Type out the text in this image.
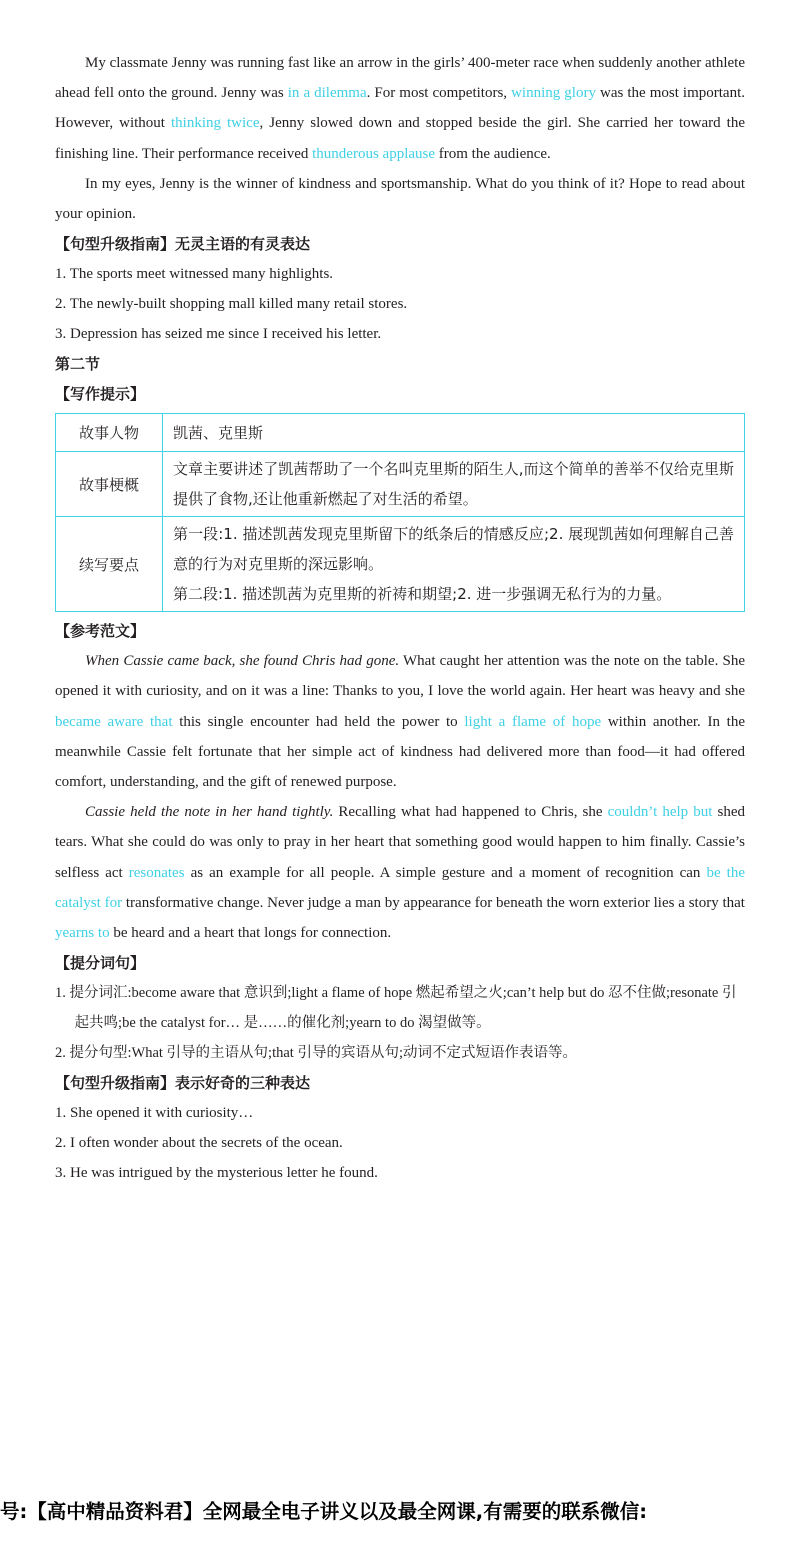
My classmate Jenny was running fast like an arrow in the girls’ 400-meter race when suddenly another athlete ahead fell onto the ground. Jenny was in a dilemma. For most competitors, winning glory was the most important. However, without thinking twice, Jenny slowed down and stopped beside the girl. She carried her toward the finishing line. Their performance received thunderous applause from the audience.

In my eyes, Jenny is the winner of kindness and sportsmanship. What do you think of it? Hope to read about your opinion.

【句型升级指南】无灵主语的有灵表达

1. The sports meet witnessed many highlights.

2. The newly-built shopping mall killed many retail stores.

3. Depression has seized me since I received his letter.

第二节

【写作提示】

故事人物	凯茜、克里斯
故事梗概	文章主要讲述了凯茜帮助了一个名叫克里斯的陌生人,而这个简单的善举不仅给克里斯提供了食物,还让他重新燃起了对生活的希望。
续写要点	第一段:1. 描述凯茜发现克里斯留下的纸条后的情感反应;2. 展现凯茜如何理解自己善意的行为对克里斯的深远影响。
第二段:1. 描述凯茜为克里斯的祈祷和期望;2. 进一步强调无私行为的力量。

【参考范文】

When Cassie came back, she found Chris had gone. What caught her attention was the note on the table. She opened it with curiosity, and on it was a line: Thanks to you, I love the world again. Her heart was heavy and she became aware that this single encounter had held the power to light a flame of hope within another. In the meanwhile Cassie felt fortunate that her simple act of kindness had delivered more than food—it had offered comfort, understanding, and the gift of renewed purpose.

Cassie held the note in her hand tightly. Recalling what had happened to Chris, she couldn’t help but shed tears. What she could do was only to pray in her heart that something good would happen to him finally. Cassie’s selfless act resonates as an example for all people. A simple gesture and a moment of recognition can be the catalyst for transformative change. Never judge a man by appearance for beneath the worn exterior lies a story that yearns to be heard and a heart that longs for connection.

【提分词句】

1. 提分词汇:become aware that 意识到;light a flame of hope 燃起希望之火;can’t help but do 忍不住做;resonate 引起共鸣;be the catalyst for… 是……的催化剂;yearn to do 渴望做等。

2. 提分句型:What 引导的主语从句;that 引导的宾语从句;动词不定式短语作表语等。

【句型升级指南】表示好奇的三种表达

1. She opened it with curiosity…

2. I often wonder about the secrets of the ocean.

3. He was intrigued by the mysterious letter he found.

号:【高中精品资料君】全网最全电子讲义以及最全网课,有需要的联系微信:
